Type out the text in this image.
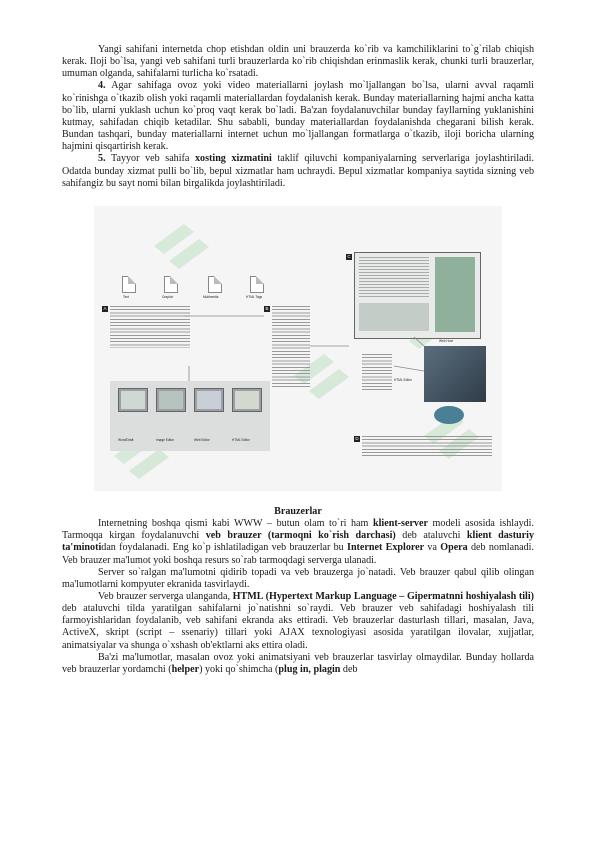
Yangi sahifani internetda chop etishdan oldin uni brauzerda ko`rib va kamchiliklarini to`g`rilab chiqish kerak. Iloji bo`lsa, yangi veb sahifani turli brauzerlarda ko`rib chiqishdan erinmaslik kerak, chunki turli brauzerlar, umuman olganda, sahifalarni turlicha ko`rsatadi.

4. Agar sahifaga ovoz yoki video materiallarni joylash mo`ljallangan bo`lsa, ularni avval raqamli ko`rinishga o`tkazib olish yoki raqamli materiallardan foydalanish kerak. Bunday materiallarning hajmi ancha katta bo`lib, ularni yuklash uchun ko`proq vaqt kerak bo`ladi. Ba'zan foydalanuvchilar bunday fayllarning yuklanishini kutmay, sahifadan chiqib ketadilar. Shu sababli, bunday materiallardan foydalanishda chegarani bilish kerak. Bundan tashqari, bunday materiallarni internet uchun mo`ljallangan formatlarga o`tkazib, iloji boricha ularning hajmini qisqartirish kerak.

5. Tayyor veb sahifa xosting xizmatini taklif qiluvchi kompaniyalarning serverlariga joylashtiriladi. Odatda bunday xizmat pulli bo`lib, bepul xizmatlar ham uchraydi. Bepul xizmatlar kompaniya saytida sizning veb sahifangiz bu sayt nomi bilan birgalikda joylashtiriladi.

Text	Graphic	Multimedia	HTML Tags
A	B
Word/Draft	Image Editor	Web Editor	HTML Editor
C
HTML Editor
Web Host
D
Brauzerlar

Internetning boshqa qismi kabi WWW – butun olam to`ri ham klient-server modeli asosida ishlaydi. Tarmoqqa kirgan foydalanuvchi veb brauzer (tarmoqni ko`rish darchasi) deb ataluvchi klient dasturiy ta'minotidan foydalanadi. Eng ko`p ishlatiladigan veb brauzerlar bu Internet Explorer va Opera deb nomlanadi. Veb brauzer ma'lumot yoki boshqa resurs so`rab tarmoqdagi serverga ulanadi.

Server so`ralgan ma'lumotni qidirib topadi va veb brauzerga jo`natadi. Veb brauzer qabul qilib olingan ma'lumotlarni kompyuter ekranida tasvirlaydi.

Veb brauzer serverga ulanganda, HTML (Hypertext Markup Language – Gipermatnni hoshiyalash tili) deb ataluvchi tilda yaratilgan sahifalarni jo`natishni so`raydi. Veb brauzer veb sahifadagi hoshiyalash tili farmoyishlaridan foydalanib, veb sahifani ekranda aks ettiradi. Veb brauzerlar dasturlash tillari, masalan, Java, ActiveX, skript (script – ssenariy) tillari yoki AJAX texnologiyasi asosida yaratilgan ilovalar, xujjatlar, animatsiyalar va shunga o`xshash ob'ektlarni aks ettira oladi.

Ba'zi ma'lumotlar, masalan ovoz yoki animatsiyani veb brauzerlar tasvirlay olmaydilar. Bunday hollarda veb brauzerlar yordamchi (helper) yoki qo`shimcha (plug in, plagin deb
